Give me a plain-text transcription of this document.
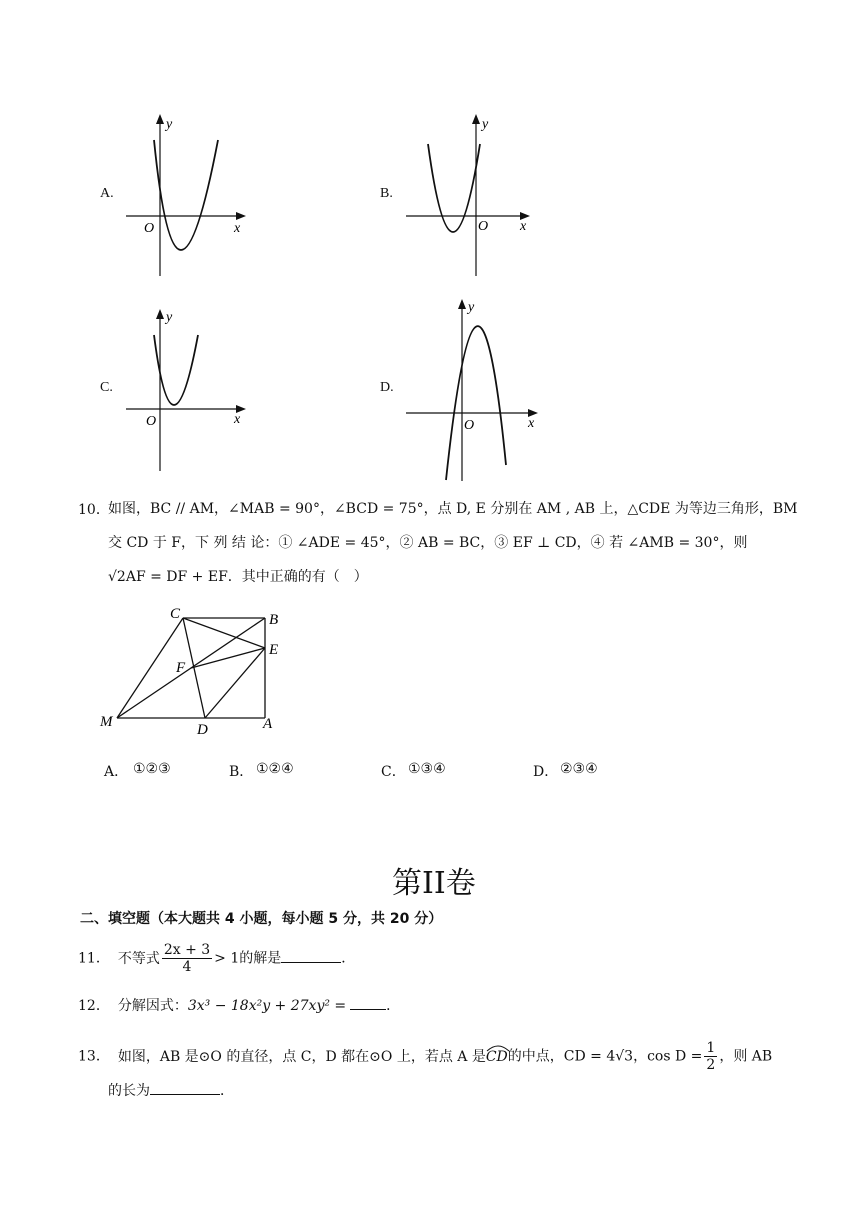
A.
y
O	x
B.
y
O x
C.
y
O	x
D.
y
O	x
10．
如图，BC // AM，∠MAB = 90°，∠BCD = 75°，点 D, E 分别在 AM , AB 上，△CDE 为等边三角形，BM
交 CD 于 F，下 列 结 论：① ∠ADE = 45°，② AB = BC，③ EF ⊥ CD，④ 若 ∠AMB = 30°，则
√2AF = DF + EF．其中正确的有（　）
C	B
E
F
M	D	A
A． ①②③	B． ①②④	C． ①③④	D． ②③④
第II卷
二、填空题（本大题共 4 小题，每小题 5 分，共 20 分）
11． 不等式 $\frac{2x + 3}{4} > 1$的解是	．
12． 分解因式：3x³ − 18x²y + 27xy² =	．
13． 如图，AB 是⊙O 的直径，点 C，D 都在⊙O 上，若点 A 是
CD的中点，CD = 4√3，$\cos D = \frac{1}{2}$ ，则 AB
的长为	．
